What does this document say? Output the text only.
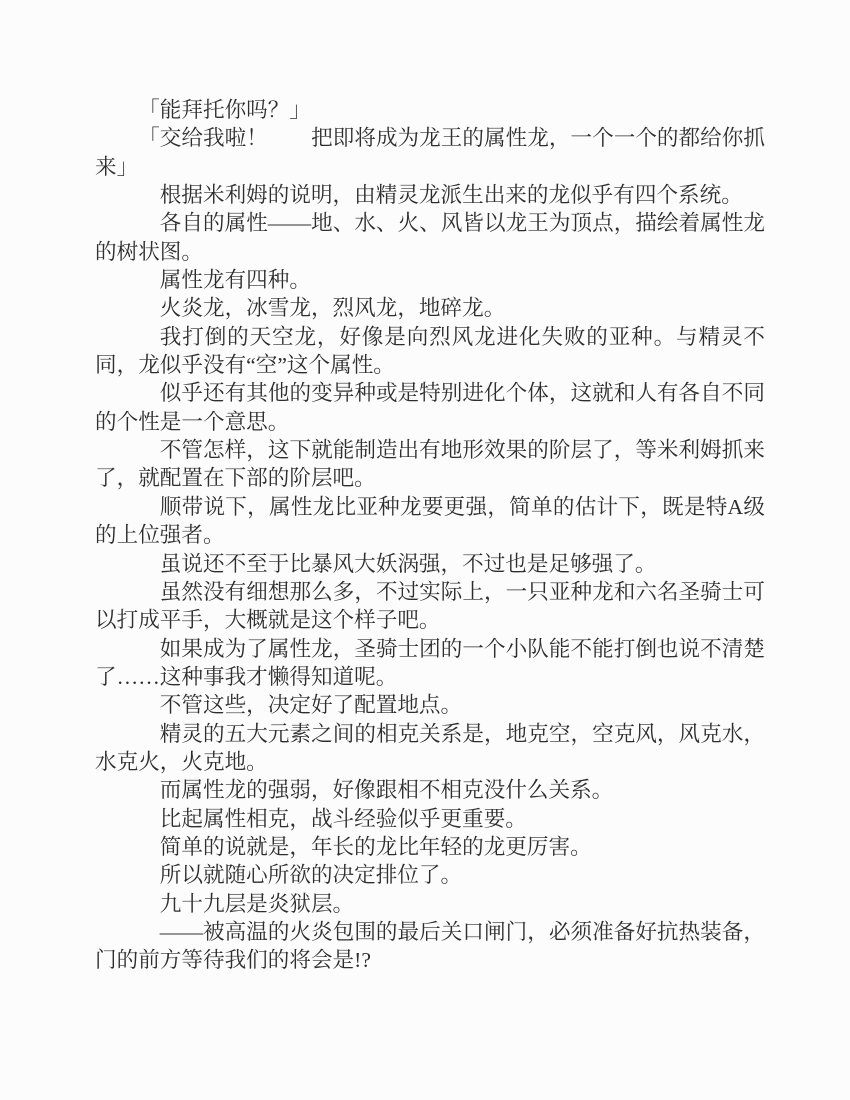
「能拜托你吗？」

「交给我啦！　　把即将成为龙王的属性龙，一个一个的都给你抓来」

根据米利姆的说明，由精灵龙派生出来的龙似乎有四个系统。

各自的属性——地、水、火、风皆以龙王为顶点，描绘着属性龙的树状图。

属性龙有四种。

火炎龙，冰雪龙，烈风龙，地碎龙。

我打倒的天空龙，好像是向烈风龙进化失败的亚种。与精灵不同，龙似乎没有“空”这个属性。

似乎还有其他的变异种或是特别进化个体，这就和人有各自不同的个性是一个意思。

不管怎样，这下就能制造出有地形效果的阶层了，等米利姆抓来了，就配置在下部的阶层吧。

顺带说下，属性龙比亚种龙要更强，简单的估计下，既是特A级的上位强者。

虽说还不至于比暴风大妖涡强，不过也是足够强了。

虽然没有细想那么多，不过实际上，一只亚种龙和六名圣骑士可以打成平手，大概就是这个样子吧。

如果成为了属性龙，圣骑士团的一个小队能不能打倒也说不清楚了……这种事我才懒得知道呢。

不管这些，决定好了配置地点。

精灵的五大元素之间的相克关系是，地克空，空克风，风克水，水克火，火克地。

而属性龙的强弱，好像跟相不相克没什么关系。

比起属性相克，战斗经验似乎更重要。

简单的说就是，年长的龙比年轻的龙更厉害。

所以就随心所欲的决定排位了。

九十九层是炎狱层。

——被高温的火炎包围的最后关口闸门，必须准备好抗热装备，门的前方等待我们的将会是!?
